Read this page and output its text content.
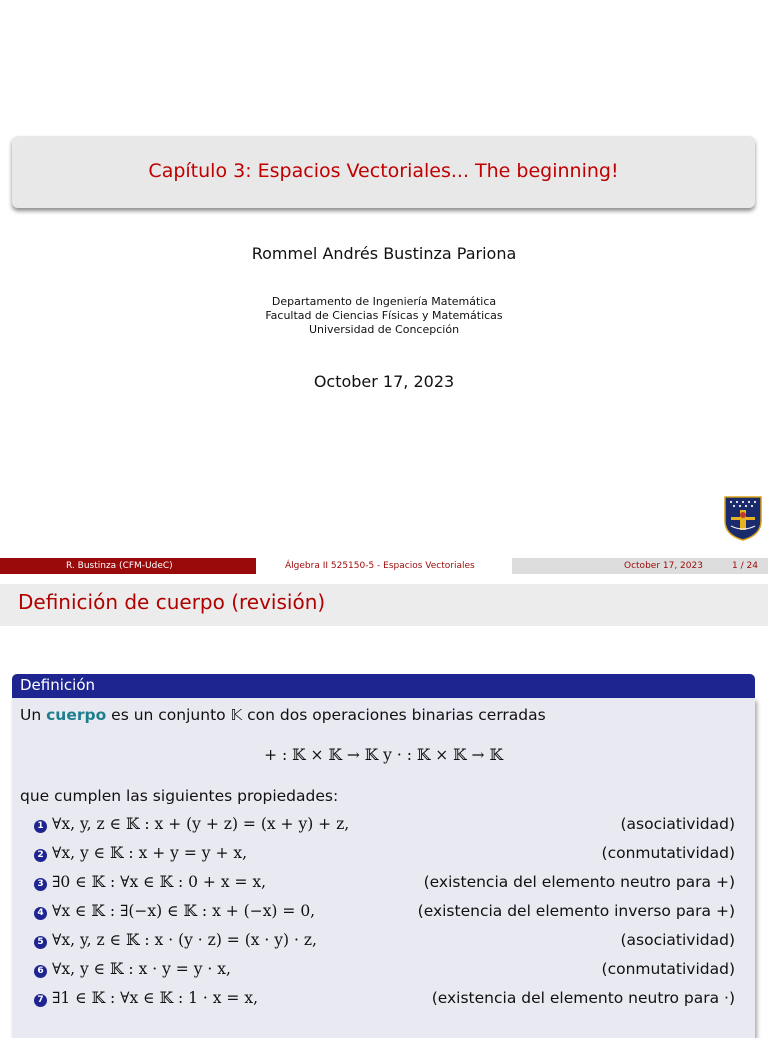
Capítulo 3: Espacios Vectoriales... The beginning!
Rommel Andrés Bustinza Pariona
Departamento de Ingeniería Matemática
Facultad de Ciencias Físicas y Matemáticas
Universidad de Concepción
October 17, 2023
R. Bustinza (CFM-UdeC)	Álgebra II 525150-5 - Espacios Vectoriales	October 17, 2023	1 / 24
Definición de cuerpo (revisión)
Definición
Un cuerpo es un conjunto 𝕂 con dos operaciones binarias cerradas
+ : 𝕂 × 𝕂 → 𝕂 y · : 𝕂 × 𝕂 → 𝕂
que cumplen las siguientes propiedades:
1 ∀x, y, z ∈ 𝕂 : x + (y + z) = (x + y) + z,	(asociatividad)
2 ∀x, y ∈ 𝕂 : x + y = y + x,	(conmutatividad)
3 ∃0 ∈ 𝕂 : ∀x ∈ 𝕂 : 0 + x = x,	(existencia del elemento neutro para +)
4 ∀x ∈ 𝕂 : ∃(−x) ∈ 𝕂 : x + (−x) = 0,	(existencia del elemento inverso para +)
5 ∀x, y, z ∈ 𝕂 : x · (y · z) = (x · y) · z,	(asociatividad)
6 ∀x, y ∈ 𝕂 : x · y = y · x,	(conmutatividad)
7 ∃1 ∈ 𝕂 : ∀x ∈ 𝕂 : 1 · x = x,	(existencia del elemento neutro para ·)
